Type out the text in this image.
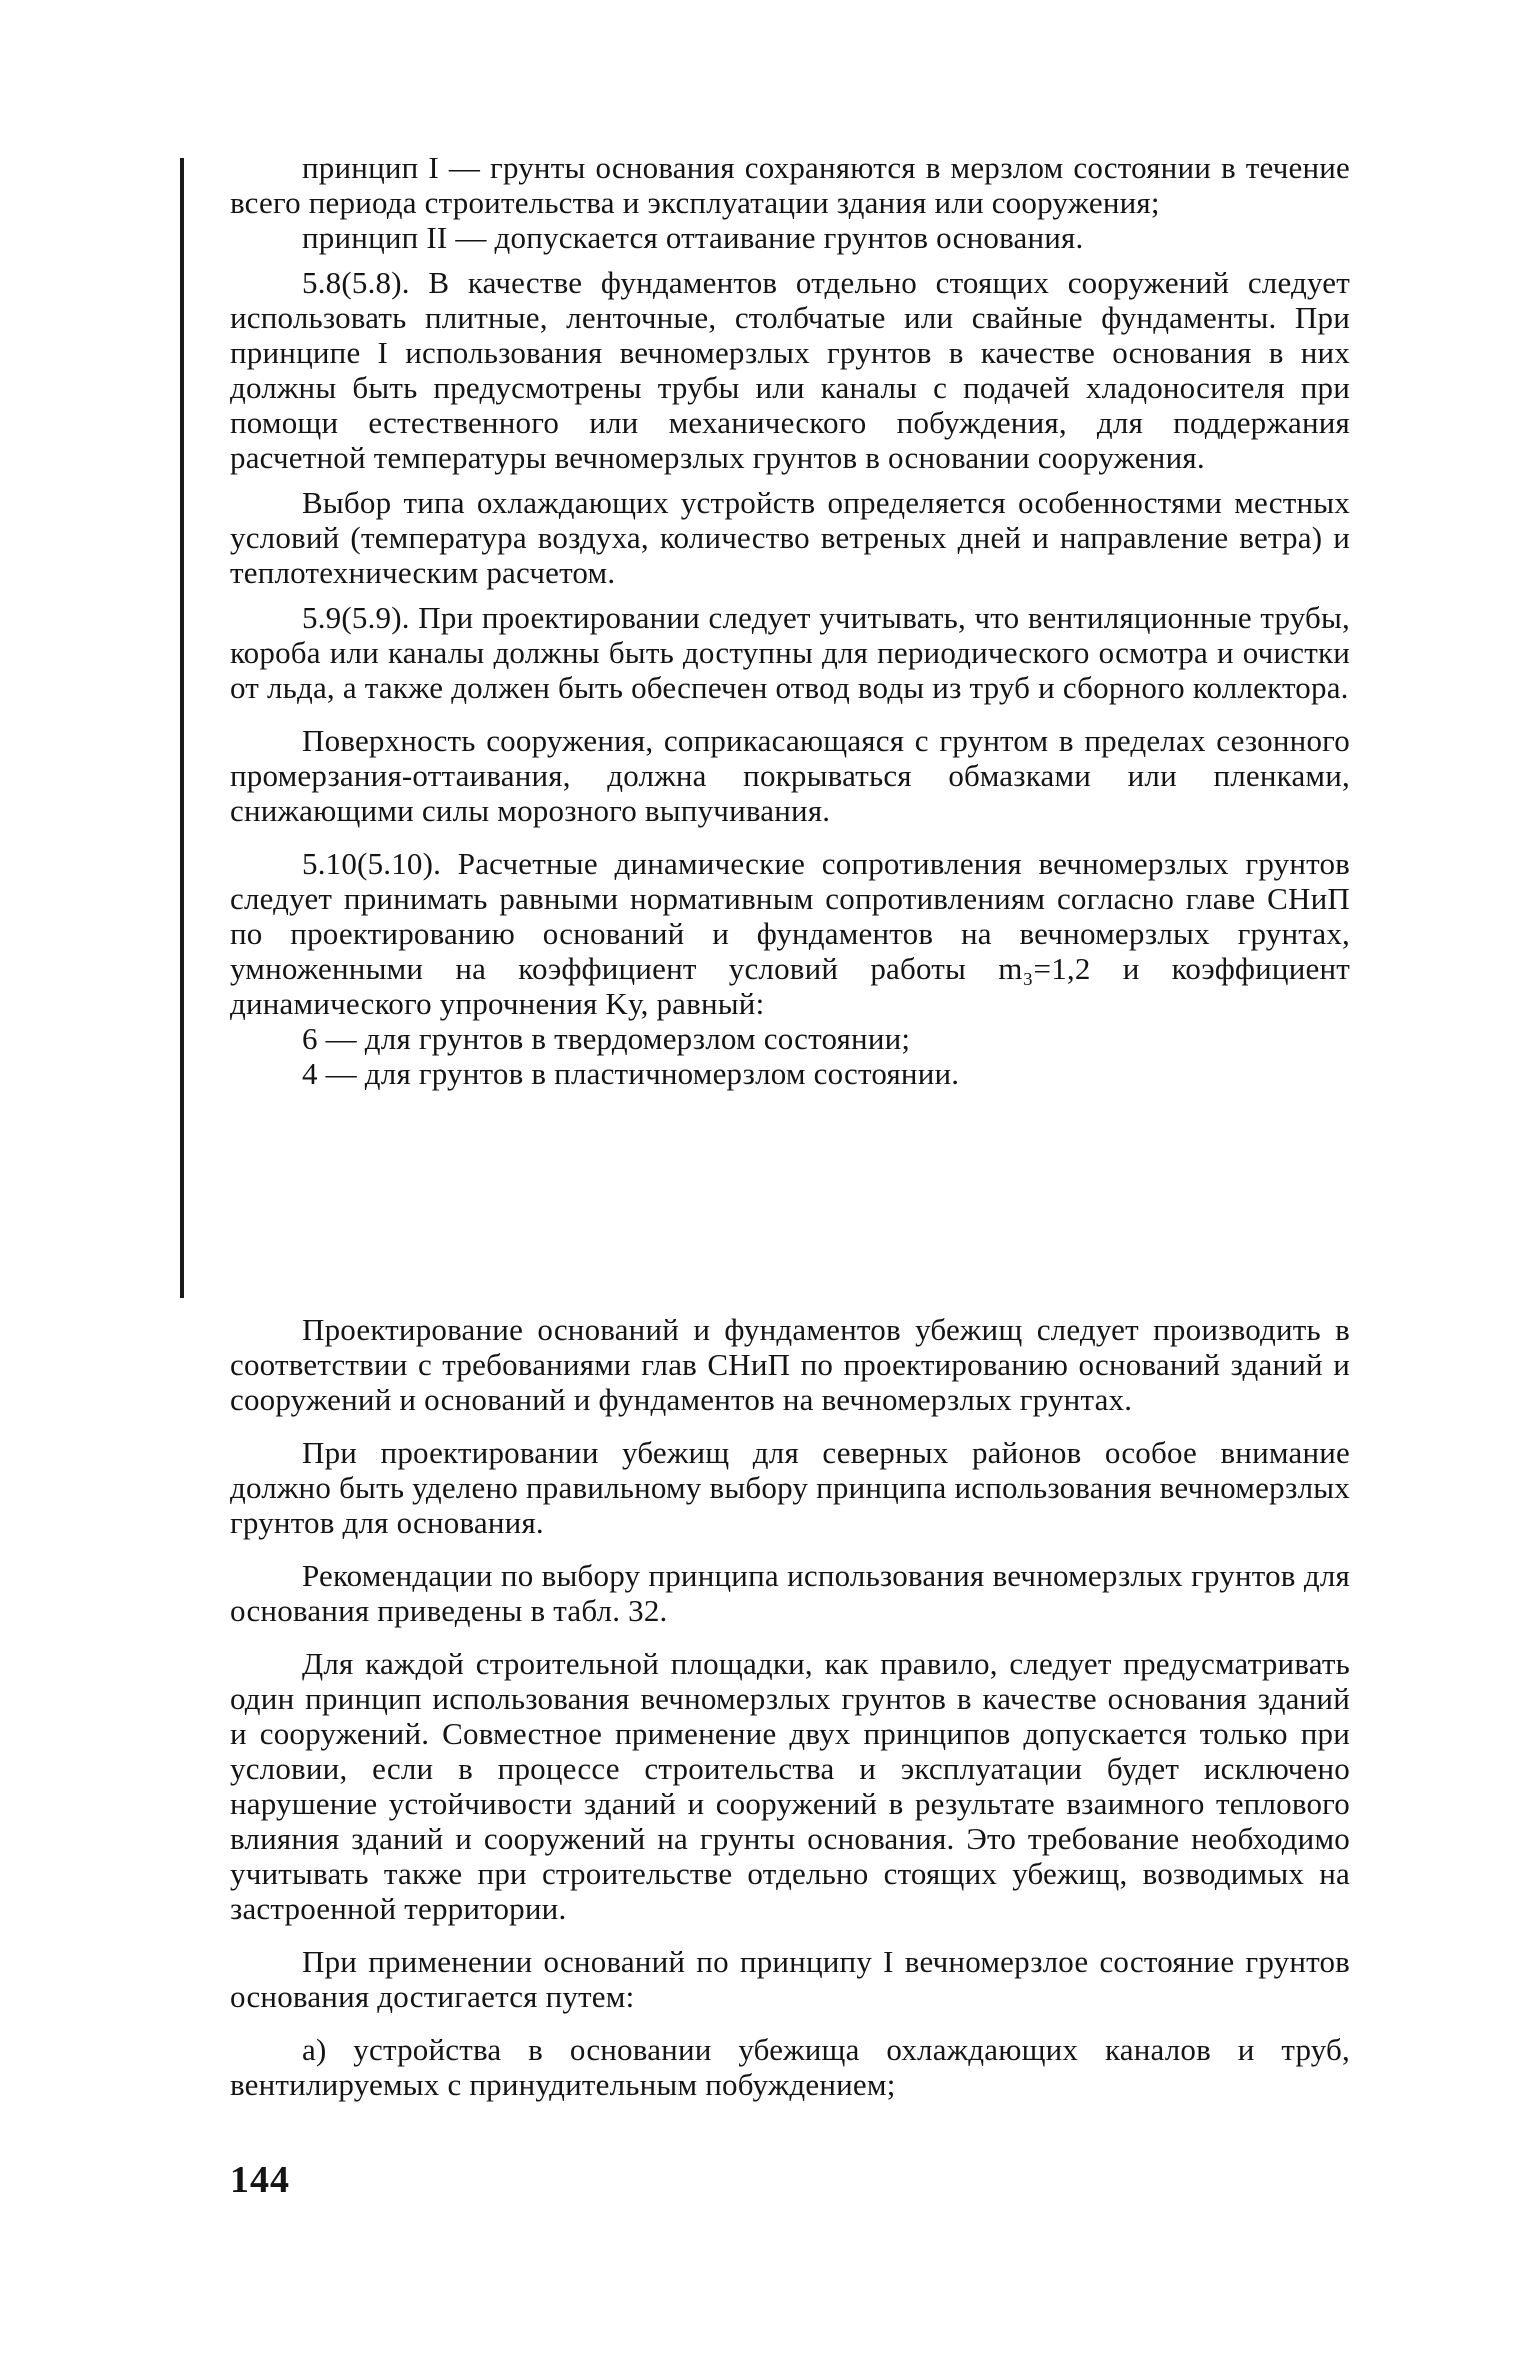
принцип I — грунты основания сохраняются в мерзлом состоянии в течение всего периода строительства и эксплуатации здания или сооружения;

принцип II — допускается оттаивание грунтов основания.

5.8(5.8). В качестве фундаментов отдельно стоящих сооружений следует использовать плитные, ленточные, столбчатые или свайные фундаменты. При принципе I использования вечномерзлых грунтов в качестве основания в них должны быть предусмотрены трубы или каналы с подачей хладоносителя при помощи естественного или механического побуждения, для поддержания расчетной температуры вечномерзлых грунтов в основании сооружения.

Выбор типа охлаждающих устройств определяется особенностями местных условий (температура воздуха, количество ветреных дней и направление ветра) и теплотехническим расчетом.

5.9(5.9). При проектировании следует учитывать, что вентиляционные трубы, короба или каналы должны быть доступны для периодического осмотра и очистки от льда, а также должен быть обеспечен отвод воды из труб и сборного коллектора.

Поверхность сооружения, соприкасающаяся с грунтом в пределах сезонного промерзания-оттаивания, должна покрываться обмазками или пленками, снижающими силы морозного выпучивания.

5.10(5.10). Расчетные динамические сопротивления вечномерзлых грунтов следует принимать равными нормативным сопротивлениям согласно главе СНиП по проектированию оснований и фундаментов на вечномерзлых грунтах, умноженными на коэффициент условий работы m₃=1,2 и коэффициент динамического упрочнения Kу, равный:

6 — для грунтов в твердомерзлом состоянии;

4 — для грунтов в пластичномерзлом состоянии.

Проектирование оснований и фундаментов убежищ следует производить в соответствии с требованиями глав СНиП по проектированию оснований зданий и сооружений и оснований и фундаментов на вечномерзлых грунтах.

При проектировании убежищ для северных районов особое внимание должно быть уделено правильному выбору принципа использования вечномерзлых грунтов для основания.

Рекомендации по выбору принципа использования вечномерзлых грунтов для основания приведены в табл. 32.

Для каждой строительной площадки, как правило, следует предусматривать один принцип использования вечномерзлых грунтов в качестве основания зданий и сооружений. Совместное применение двух принципов допускается только при условии, если в процессе строительства и эксплуатации будет исключено нарушение устойчивости зданий и сооружений в результате взаимного теплового влияния зданий и сооружений на грунты основания. Это требование необходимо учитывать также при строительстве отдельно стоящих убежищ, возводимых на застроенной территории.

При применении оснований по принципу I вечномерзлое состояние грунтов основания достигается путем:

а) устройства в основании убежища охлаждающих каналов и труб, вентилируемых с принудительным побуждением;

144
